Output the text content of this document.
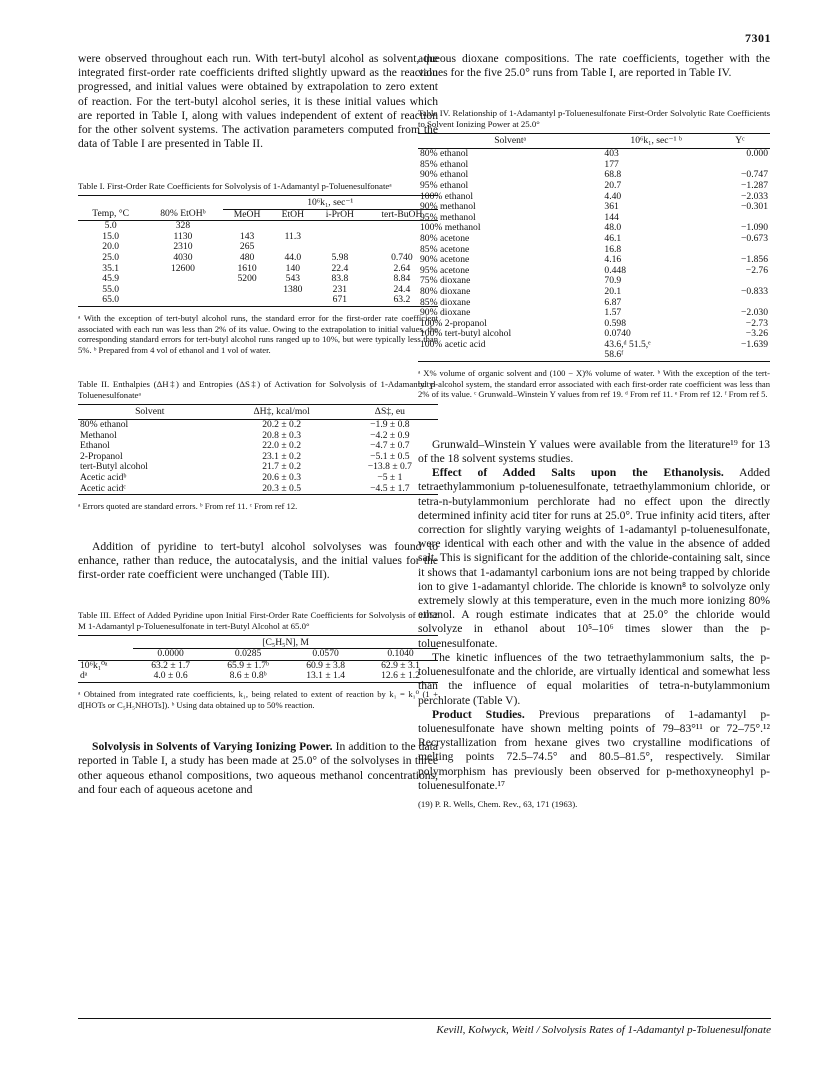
7301

were observed throughout each run. With tert-butyl alcohol as solvent, the integrated first-order rate coefficients drifted slightly upward as the reaction progressed, and initial values were obtained by extrapolation to zero extent of reaction. For the tert-butyl alcohol series, it is these initial values which are reported in Table I, along with values independent of extent of reaction for the other solvent systems. The activation parameters computed from the data of Table I are presented in Table II.

Table I. First-Order Rate Coefficients for Solvolysis of 1-Adamantyl p-Toluenesulfonateᵃ

		10⁶k₁, sec⁻¹			
Temp, °C	80% EtOHᵇ	MeOH	EtOH	i-PrOH	tert-BuOH
5.0	328				
15.0	1130	143	11.3		
20.0	2310	265			
25.0	4030	480	44.0	5.98	0.740
35.1	12600	1610	140	22.4	2.64
45.9		5200	543	83.8	8.84
55.0			1380	231	24.4
65.0				671	63.2

ᵃ With the exception of tert-butyl alcohol runs, the standard error for the first-order rate coefficient associated with each run was less than 2% of its value. Owing to the extrapolation to initial values, the corresponding standard errors for tert-butyl alcohol runs ranged up to 10%, but were typically less than 5%. ᵇ Prepared from 4 vol of ethanol and 1 vol of water.

Table II. Enthalpies (ΔH‡) and Entropies (ΔS‡) of Activation for Solvolysis of 1-Adamantyl p-Toluenesulfonateᵃ

Solvent	ΔH‡, kcal/mol	ΔS‡, eu
80% ethanol	20.2 ± 0.2	−1.9 ± 0.8
Methanol	20.8 ± 0.3	−4.2 ± 0.9
Ethanol	22.0 ± 0.2	−4.7 ± 0.7
2-Propanol	23.1 ± 0.2	−5.1 ± 0.5
tert-Butyl alcohol	21.7 ± 0.2	−13.8 ± 0.7
Acetic acidᵇ	20.6 ± 0.3	−5 ± 1
Acetic acidᶜ	20.3 ± 0.5	−4.5 ± 1.7

ᵃ Errors quoted are standard errors. ᵇ From ref 11. ᶜ From ref 12.

Addition of pyridine to tert-butyl alcohol solvolyses was found to enhance, rather than reduce, the autocatalysis, and the initial values for the first-order rate coefficient were unchanged (Table III).

Table III. Effect of Added Pyridine upon Initial First-Order Rate Coefficients for Solvolysis of 0.052 M 1-Adamantyl p-Toluenesulfonate in tert-Butyl Alcohol at 65.0°

	[C₅H₅N], M			
	0.0000	0.0285	0.0570	0.1040
10⁶k₁⁰ᵃ	63.2 ± 1.7	65.9 ± 1.7ᵇ	60.9 ± 3.8	62.9 ± 3.1
dᵃ	4.0 ± 0.6	8.6 ± 0.8ᵇ	13.1 ± 1.4	12.6 ± 1.2

ᵃ Obtained from integrated rate coefficients, k₁, being related to extent of reaction by k₁ = k₁⁰ (1 + d[HOTs or C₅H₅NHOTs]). ᵇ Using data obtained up to 50% reaction.

Solvolysis in Solvents of Varying Ionizing Power. In addition to the data reported in Table I, a study has been made at 25.0° of the solvolyses in three other aqueous ethanol compositions, two aqueous methanol concentrations, and four each of aqueous acetone and

aqueous dioxane compositions. The rate coefficients, together with the values for the five 25.0° runs from Table I, are reported in Table IV.

Table IV. Relationship of 1-Adamantyl p-Toluenesulfonate First-Order Solvolytic Rate Coefficients to Solvent Ionizing Power at 25.0°

Solventᵃ	10⁶k₁, sec⁻¹ ᵇ	Yᶜ
80% ethanol	403	0.000
85% ethanol	177	
90% ethanol	68.8	−0.747
95% ethanol	20.7	−1.287
100% ethanol	4.40	−2.033
90% methanol	361	−0.301
95% methanol	144	
100% methanol	48.0	−1.090
80% acetone	46.1	−0.673
85% acetone	16.8	
90% acetone	4.16	−1.856
95% acetone	0.448	−2.76
75% dioxane	70.9	
80% dioxane	20.1	−0.833
85% dioxane	6.87	
90% dioxane	1.57	−2.030
100% 2-propanol	0.598	−2.73
100% tert-butyl alcohol	0.0740	−3.26
100% acetic acid	43.6,ᵈ 51.5,ᵉ	−1.639
	58.6ᶠ	

ᵃ X% volume of organic solvent and (100 − X)% volume of water. ᵇ With the exception of the tert-butyl alcohol system, the standard error associated with each first-order rate coefficient was less than 2% of its value. ᶜ Grunwald–Winstein Y values from ref 19. ᵈ From ref 11. ᵉ From ref 12. ᶠ From ref 5.

Grunwald–Winstein Y values were available from the literature¹⁹ for 13 of the 18 solvent systems studies.

Effect of Added Salts upon the Ethanolysis. Added tetraethylammonium p-toluenesulfonate, tetraethylammonium chloride, or tetra-n-butylammonium perchlorate had no effect upon the directly determined infinity acid titer for runs at 25.0°. True infinity acid titers, after correction for slightly varying weights of 1-adamantyl p-toluenesulfonate, were identical with each other and with the value in the absence of added salt. This is significant for the addition of the chloride-containing salt, since it shows that 1-adamantyl carbonium ions are not being trapped by chloride ion to give 1-adamantyl chloride. The chloride is known⁸ to solvolyze only extremely slowly at this temperature, even in the much more ionizing 80% ethanol. A rough estimate indicates that at 25.0° the chloride would solvolyze in ethanol about 10⁵–10⁶ times slower than the p-toluenesulfonate.

The kinetic influences of the two tetraethylammonium salts, the p-toluenesulfonate and the chloride, are virtually identical and somewhat less than the influence of equal molarities of tetra-n-butylammonium perchlorate (Table V).

Product Studies. Previous preparations of 1-adamantyl p-toluenesulfonate have shown melting points of 79–83°¹¹ or 72–75°.¹² Recrystallization from hexane gives two crystalline modifications of melting points 72.5–74.5° and 80.5–81.5°, respectively. Similar polymorphism has previously been observed for p-methoxyneophyl p-toluenesulfonate.¹⁷

(19) P. R. Wells, Chem. Rev., 63, 171 (1963).

Kevill, Kolwyck, Weitl / Solvolysis Rates of 1-Adamantyl p-Toluenesulfonate
